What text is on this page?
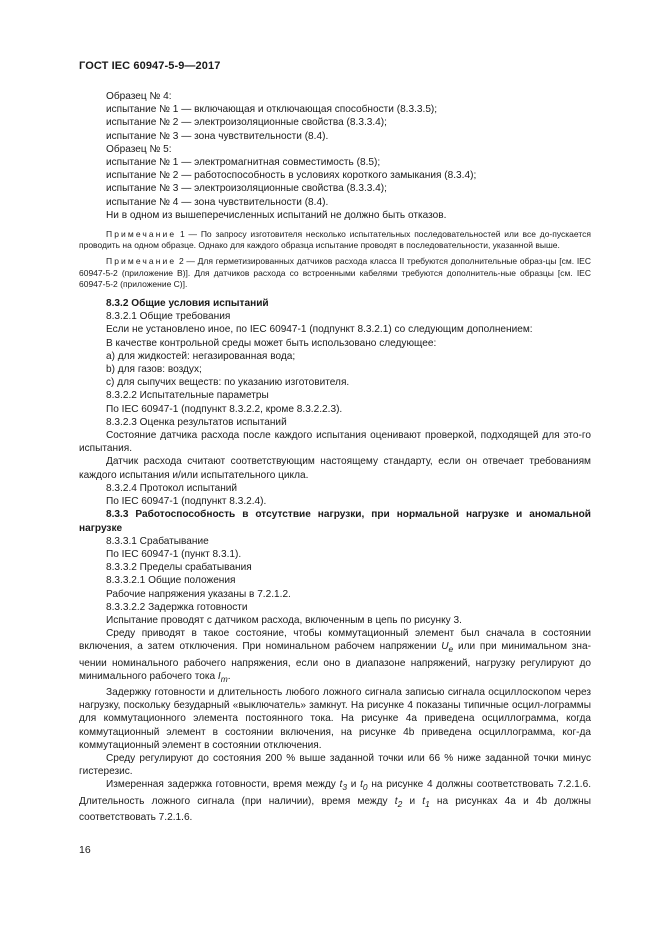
ГОСТ IEC 60947-5-9—2017

Образец № 4:

испытание № 1 — включающая и отключающая способности (8.3.3.5);

испытание № 2 — электроизоляционные свойства (8.3.3.4);

испытание № 3 — зона чувствительности (8.4).

Образец № 5:

испытание № 1 — электромагнитная совместимость (8.5);

испытание № 2 — работоспособность в условиях короткого замыкания (8.3.4);

испытание № 3 — электроизоляционные свойства (8.3.3.4);

испытание № 4 — зона чувствительности (8.4).

Ни в одном из вышеперечисленных испытаний не должно быть отказов.

Примечание 1 — По запросу изготовителя несколько испытательных последовательностей или все до-пускается проводить на одном образце. Однако для каждого образца испытание проводят в последовательности, указанной выше.

Примечание 2 — Для герметизированных датчиков расхода класса II требуются дополнительные образ-цы [см. IEC 60947-5-2 (приложение B)]. Для датчиков расхода со встроенными кабелями требуются дополнитель-ные образцы [см. IEC 60947-5-2 (приложение C)].

8.3.2 Общие условия испытаний

8.3.2.1 Общие требования

Если не установлено иное, по IEC 60947-1 (подпункт 8.3.2.1) со следующим дополнением:

В качестве контрольной среды может быть использовано следующее:

a) для жидкостей: негазированная вода;

b) для газов: воздух;

c) для сыпучих веществ: по указанию изготовителя.

8.3.2.2 Испытательные параметры

По IEC 60947-1 (подпункт 8.3.2.2, кроме 8.3.2.2.3).

8.3.2.3 Оценка результатов испытаний

Состояние датчика расхода после каждого испытания оценивают проверкой, подходящей для это-го испытания.

Датчик расхода считают соответствующим настоящему стандарту, если он отвечает требованиям каждого испытания и/или испытательного цикла.

8.3.2.4 Протокол испытаний

По IEC 60947-1 (подпункт 8.3.2.4).

8.3.3 Работоспособность в отсутствие нагрузки, при нормальной нагрузке и аномальной нагрузке

8.3.3.1 Срабатывание

По IEC 60947-1 (пункт 8.3.1).

8.3.3.2 Пределы срабатывания

8.3.3.2.1 Общие положения

Рабочие напряжения указаны в 7.2.1.2.

8.3.3.2.2 Задержка готовности

Испытание проводят с датчиком расхода, включенным в цепь по рисунку 3.

Среду приводят в такое состояние, чтобы коммутационный элемент был сначала в состоянии включения, а затем отключения. При номинальном рабочем напряжении $U_e$ или при минимальном зна-чении номинального рабочего напряжения, если оно в диапазоне напряжений, нагрузку регулируют до минимального рабочего тока $I_m$.

Задержку готовности и длительность любого ложного сигнала записью сигнала осциллоскопом через нагрузку, поскольку безударный «выключатель» замкнут. На рисунке 4 показаны типичные осцил-лограммы для коммутационного элемента постоянного тока. На рисунке 4a приведена осциллограмма, когда коммутационный элемент в состоянии включения, на рисунке 4b приведена осциллограмма, ког-да коммутационный элемент в состоянии отключения.

Среду регулируют до состояния 200 % выше заданной точки или 66 % ниже заданной точки минус гистерезис.

Измеренная задержка готовности, время между $t_3$ и $t_0$ на рисунке 4 должны соответствовать 7.2.1.6. Длительность ложного сигнала (при наличии), время между $t_2$ и $t_1$ на рисунках 4a и 4b должны соответствовать 7.2.1.6.

16
